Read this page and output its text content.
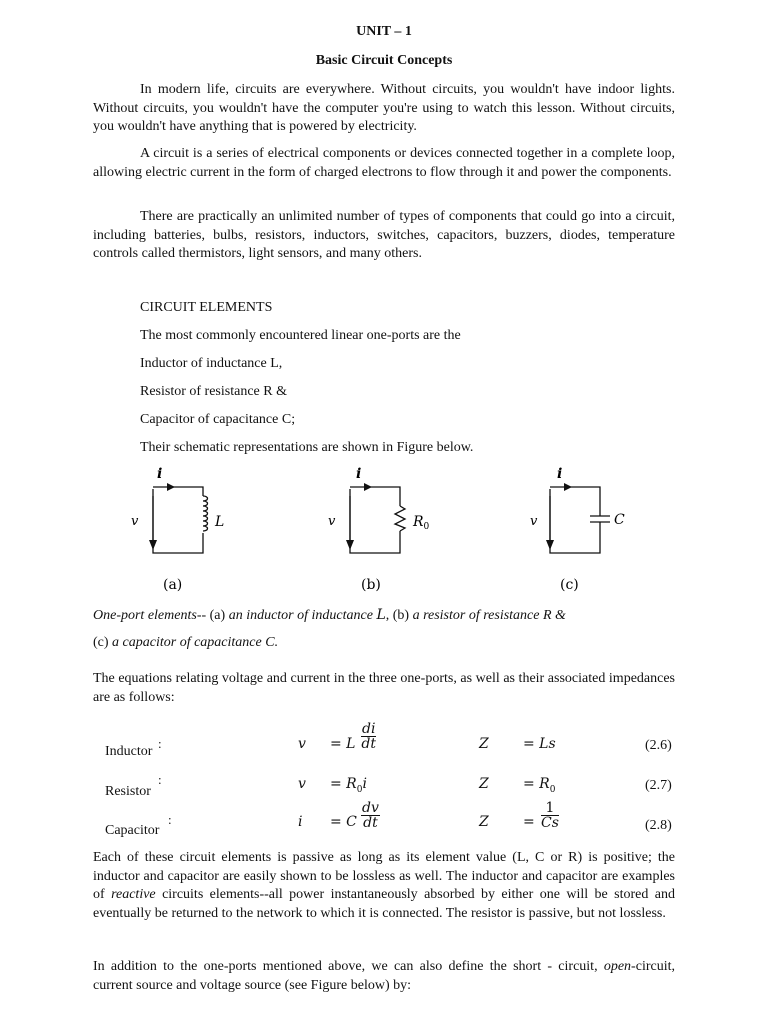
UNIT – 1
Basic Circuit Concepts

In modern life, circuits are everywhere. Without circuits, you wouldn't have indoor lights. Without circuits, you wouldn't have the computer you're using to watch this lesson. Without circuits, you wouldn't have anything that is powered by electricity.

A circuit is a series of electrical components or devices connected together in a complete loop, allowing electric current in the form of charged electrons to flow through it and power the components.

There are practically an unlimited number of types of components that could go into a circuit, including batteries, bulbs, resistors, inductors, switches, capacitors, buzzers, diodes, temperature controls called thermistors, light sensors, and many others.

CIRCUIT ELEMENTS

The most commonly encountered linear one-ports are the

Inductor of inductance L,

Resistor of resistance R &

Capacitor of capacitance C;

Their schematic representations are shown in Figure below.

i
v	L
(a)
i
v	$R_0$
(b)
i
v	C
(c)
One-port elements-- (a) an inductor of inductance L, (b) a resistor of resistance R &
(c) a capacitor of capacitance C.

The equations relating voltage and current in the three one-ports, as well as their associated impedances are as follows:

Inductor
:	v = L $\frac{di}{dt}$	Z = Ls	(2.6)
Resistor
:	$v = R_0i$	$Z = R_0$	(2.7)
Capacitor
:	i = C $\frac{dv}{dt}$	$Z = \frac{1}{Cs}$	(2.8)

Each of these circuit elements is passive as long as its element value (L, C or R) is positive; the inductor and capacitor are easily shown to be lossless as well. The inductor and capacitor are examples of reactive circuits elements--all power instantaneously absorbed by either one will be stored and eventually be returned to the network to which it is connected. The resistor is passive, but not lossless.

In addition to the one-ports mentioned above, we can also define the short - circuit, open-circuit, current source and voltage source (see Figure below) by:
